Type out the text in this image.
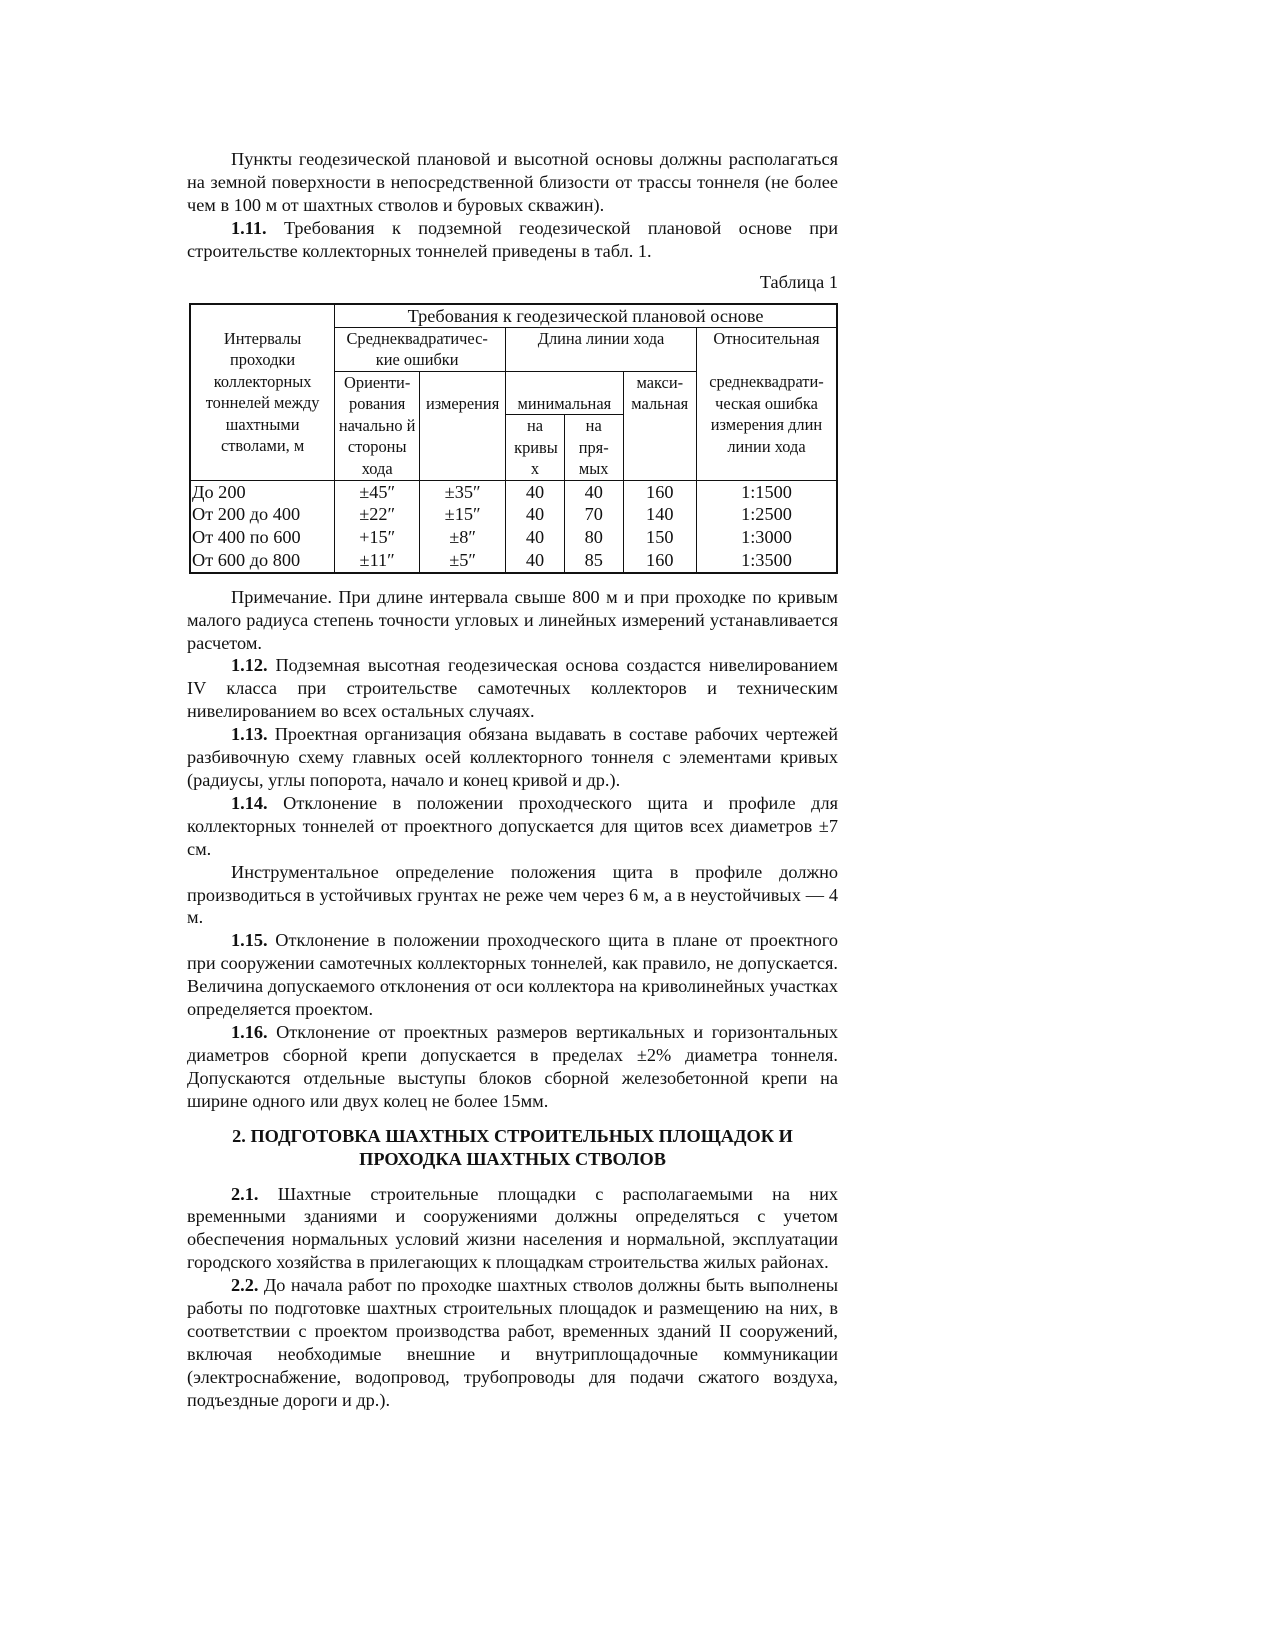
Пункты геодезической плановой и высотной основы должны располагаться на земной поверхности в непосредственной близости от трассы тоннеля (не более чем в 100 м от шахтных стволов и буровых скважин).

1.11. Требования к подземной геодезической плановой основе при строительстве коллекторных тоннелей приведены в табл. 1.

Таблица 1
Интервалы проходки коллекторных тоннелей между шахтными стволами, м	Требования к геодезической плановой основе					
	Среднеквадратичес-кие ошибки		Длина линии хода			Относительная
	Ориенти-рования начально й стороны хода	измерения	минимальная		макси-мальная	среднеквадрати-ческая ошибка измерения длин линии хода
			на кривы х	на пря-мых		
До 200	±45″	±35″	40	40	160	1:1500
От 200 до 400	±22″	±15″	40	70	140	1:2500
От 400 по 600	+15″	±8″	40	80	150	1:3000
От 600 до 800	±11″	±5″	40	85	160	1:3500

Примечание. При длине интервала свыше 800 м и при проходке по кривым малого радиуса степень точности угловых и линейных измерений устанавливается расчетом.

1.12. Подземная высотная геодезическая основа создастся нивелированием IV класса при строительстве самотечных коллекторов и техническим нивелированием во всех остальных случаях.

1.13. Проектная организация обязана выдавать в составе рабочих чертежей разбивочную схему главных осей коллекторного тоннеля с элементами кривых (радиусы, углы попорота, начало и конец кривой и др.).

1.14. Отклонение в положении проходческого щита и профиле для коллекторных тоннелей от проектного допускается для щитов всех диаметров ±7 см.

Инструментальное определение положения щита в профиле должно производиться в устойчивых грунтах не реже чем через 6 м, а в неустойчивых — 4 м.

1.15. Отклонение в положении проходческого щита в плане от проектного при сооружении самотечных коллекторных тоннелей, как правило, не допускается. Величина допускаемого отклонения от оси коллектора на криволинейных участках определяется проектом.

1.16. Отклонение от проектных размеров вертикальных и горизонтальных диаметров сборной крепи допускается в пределах ±2% диаметра тоннеля. Допускаются отдельные выступы блоков сборной железобетонной крепи на ширине одного или двух колец не более 15мм.

2. ПОДГОТОВКА ШАХТНЫХ СТРОИТЕЛЬНЫХ ПЛОЩАДОК И
ПРОХОДКА ШАХТНЫХ СТВОЛОВ

2.1. Шахтные строительные площадки с располагаемыми на них временными зданиями и сооружениями должны определяться с учетом обеспечения нормальных условий жизни населения и нормальной, эксплуатации городского хозяйства в прилегающих к площадкам строительства жилых районах.

2.2. До начала работ по проходке шахтных стволов должны быть выполнены работы по подготовке шахтных строительных площадок и размещению на них, в соответствии с проектом производства работ, временных зданий II сооружений, включая необходимые внешние и внутриплощадочные коммуникации (электроснабжение, водопровод, трубопроводы для подачи сжатого воздуха, подъездные дороги и др.).
